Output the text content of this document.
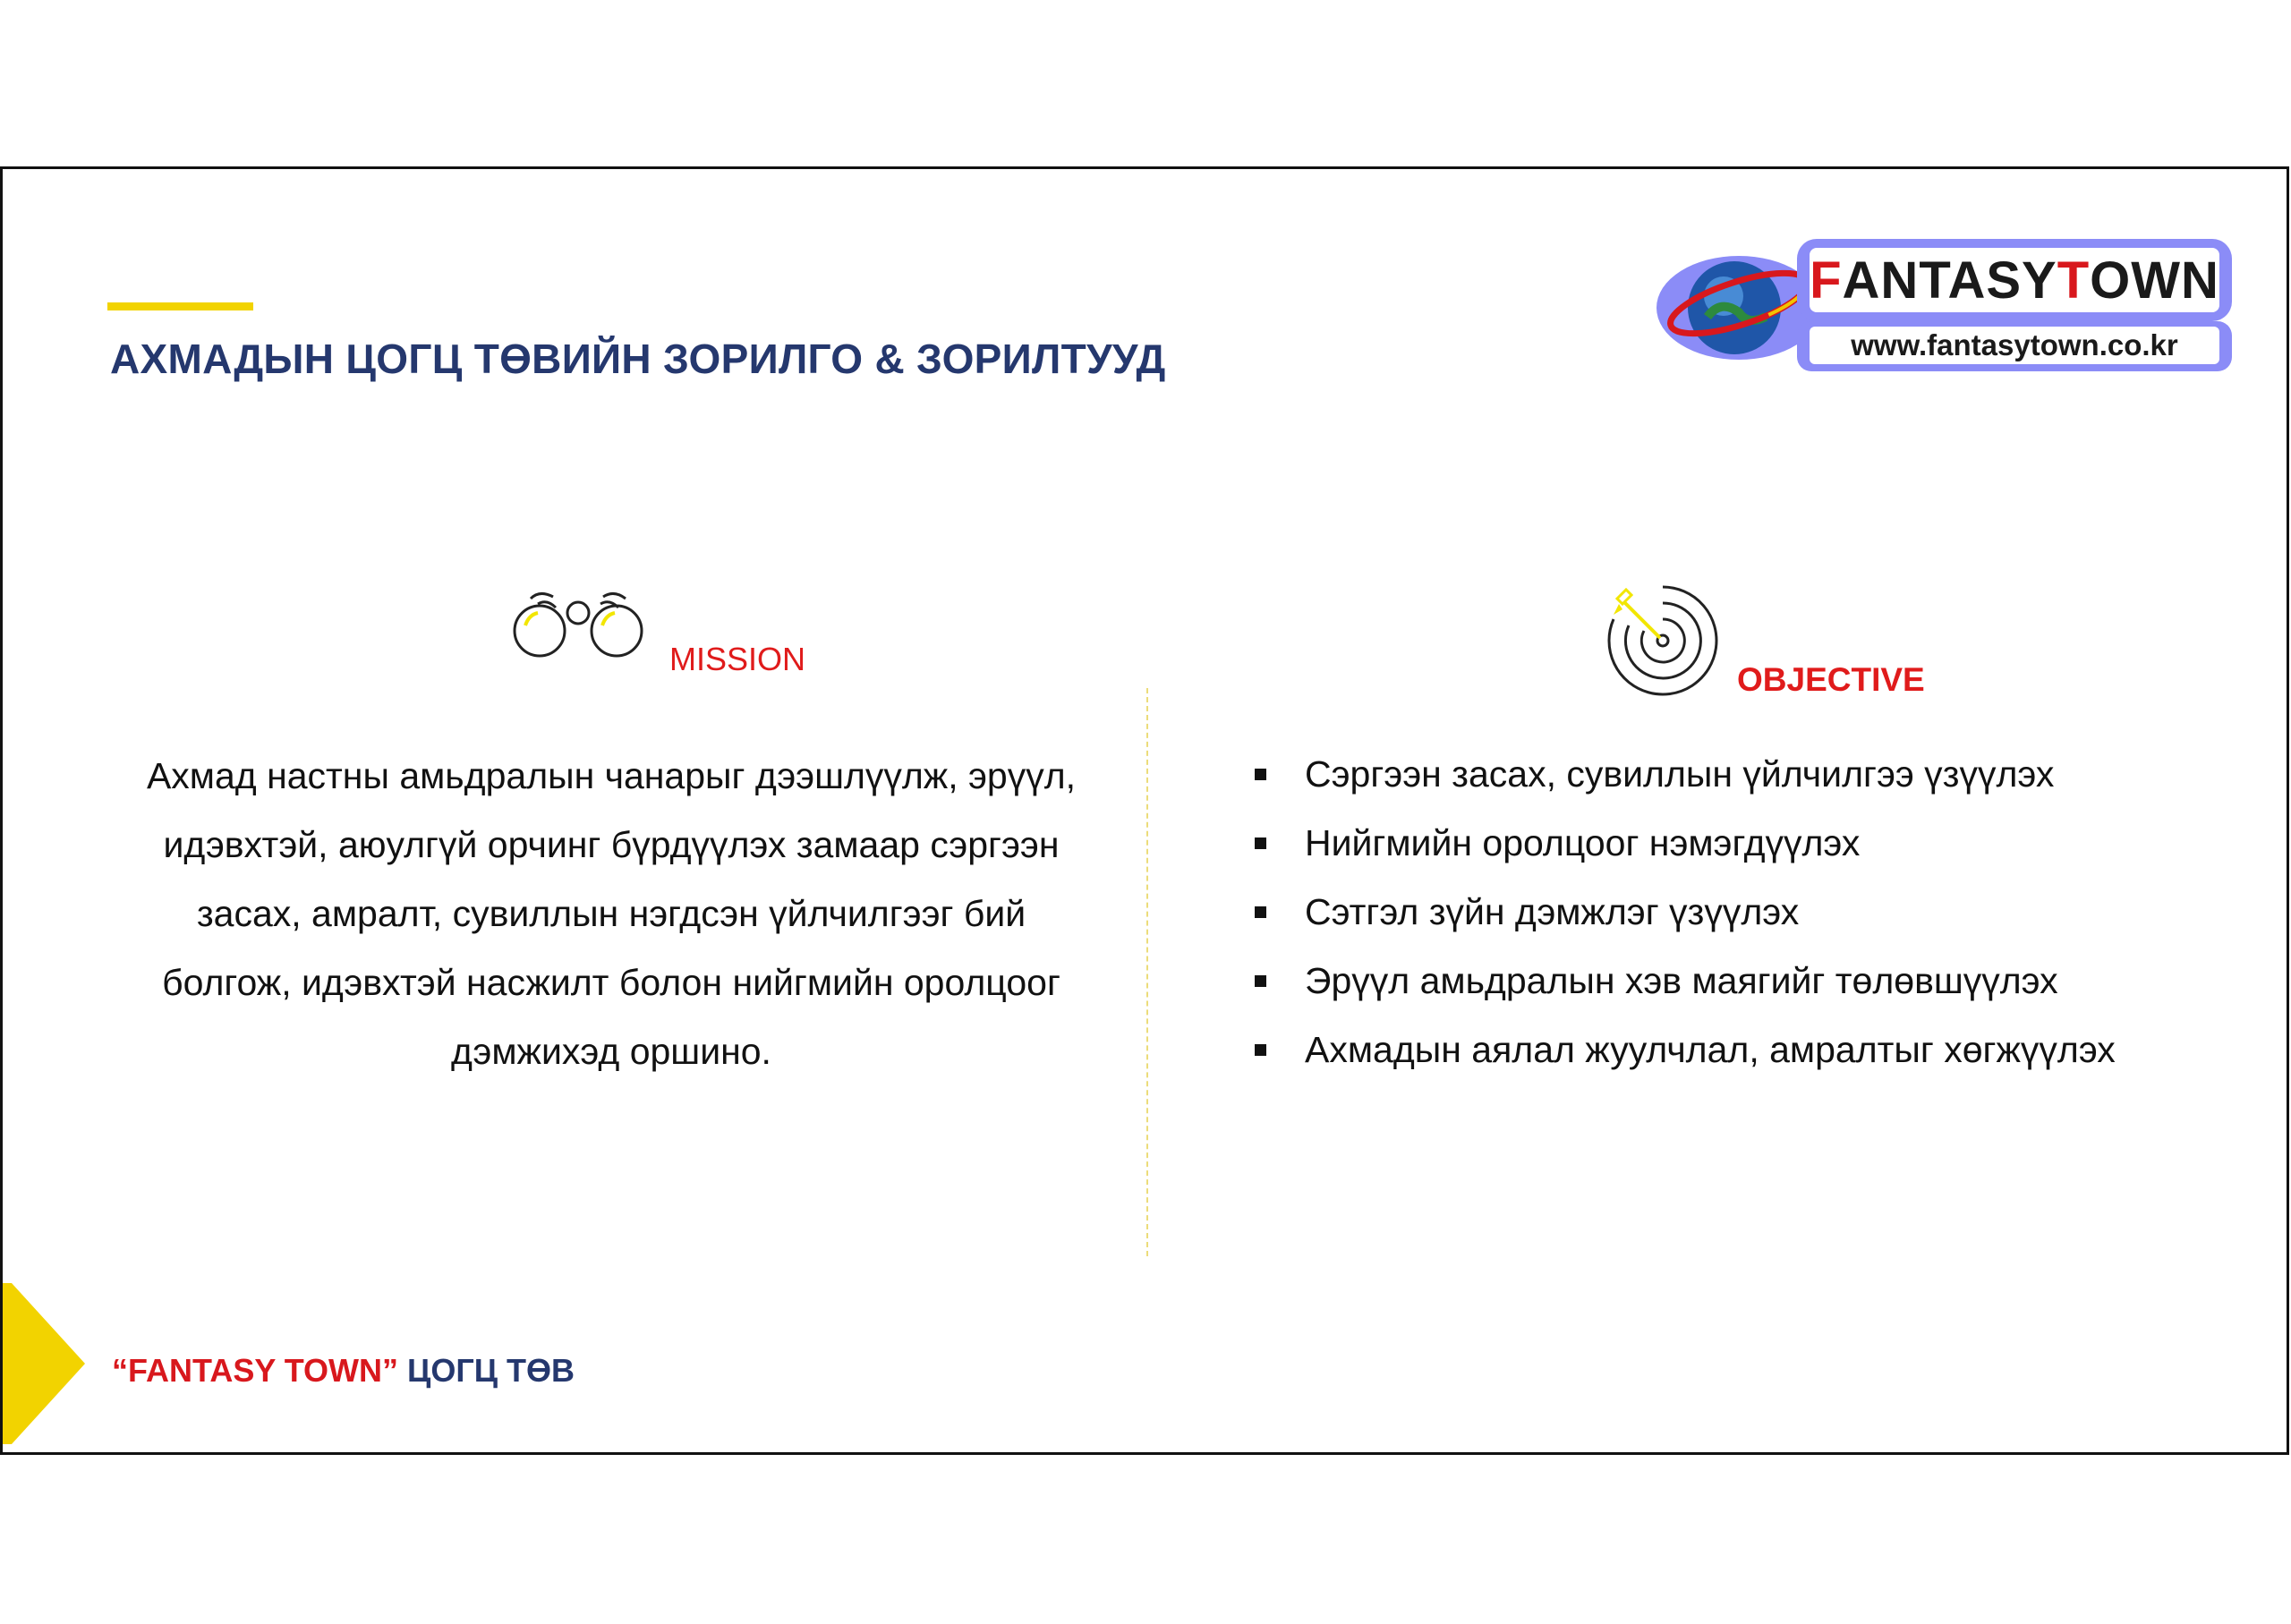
АХМАДЫН ЦОГЦ ТӨВИЙН ЗОРИЛГО & ЗОРИЛТУУД
F ANTASY T OWN
www.fantasytown.co.kr
MISSION

Ахмад настны амьдралын чанарыг дээшлүүлж, эрүүл, идэвхтэй, аюулгүй орчинг бүрдүүлэх замаар сэргээн засах, амралт, сувиллын нэгдсэн үйлчилгээг бий болгож, идэвхтэй насжилт болон нийгмийн оролцоог дэмжихэд оршино.

OBJECTIVE
Сэргээн засах, сувиллын үйлчилгээ үзүүлэх
Нийгмийн оролцоог нэмэгдүүлэх
Сэтгэл зүйн дэмжлэг үзүүлэх
Эрүүл амьдралын хэв маягийг төлөвшүүлэх
Ахмадын аялал жуулчлал, амралтыг хөгжүүлэх
“FANTASY TOWN” ЦОГЦ ТӨВ
